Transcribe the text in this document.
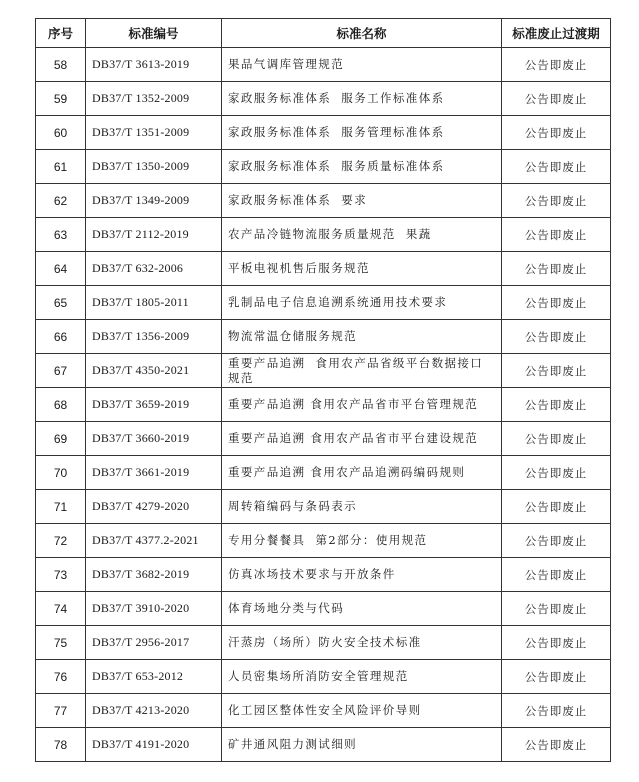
序号	标准编号	标准名称	标准废止过渡期
58	DB37/T 3613-2019	果品气调库管理规范	公告即废止
59	DB37/T 1352-2009	家政服务标准体系  服务工作标准体系	公告即废止
60	DB37/T 1351-2009	家政服务标准体系  服务管理标准体系	公告即废止
61	DB37/T 1350-2009	家政服务标准体系  服务质量标准体系	公告即废止
62	DB37/T 1349-2009	家政服务标准体系  要求	公告即废止
63	DB37/T 2112-2019	农产品冷链物流服务质量规范  果蔬	公告即废止
64	DB37/T 632-2006	平板电视机售后服务规范	公告即废止
65	DB37/T 1805-2011	乳制品电子信息追溯系统通用技术要求	公告即废止
66	DB37/T 1356-2009	物流常温仓储服务规范	公告即废止
67	DB37/T 4350-2021	重要产品追溯  食用农产品省级平台数据接口规范	公告即废止
68	DB37/T 3659-2019	重要产品追溯 食用农产品省市平台管理规范	公告即废止
69	DB37/T 3660-2019	重要产品追溯 食用农产品省市平台建设规范	公告即废止
70	DB37/T 3661-2019	重要产品追溯 食用农产品追溯码编码规则	公告即废止
71	DB37/T 4279-2020	周转箱编码与条码表示	公告即废止
72	DB37/T 4377.2-2021	专用分餐餐具  第2部分：使用规范	公告即废止
73	DB37/T 3682-2019	仿真冰场技术要求与开放条件	公告即废止
74	DB37/T 3910-2020	体育场地分类与代码	公告即废止
75	DB37/T 2956-2017	汗蒸房（场所）防火安全技术标准	公告即废止
76	DB37/T 653-2012	人员密集场所消防安全管理规范	公告即废止
77	DB37/T 4213-2020	化工园区整体性安全风险评价导则	公告即废止
78	DB37/T 4191-2020	矿井通风阻力测试细则	公告即废止
